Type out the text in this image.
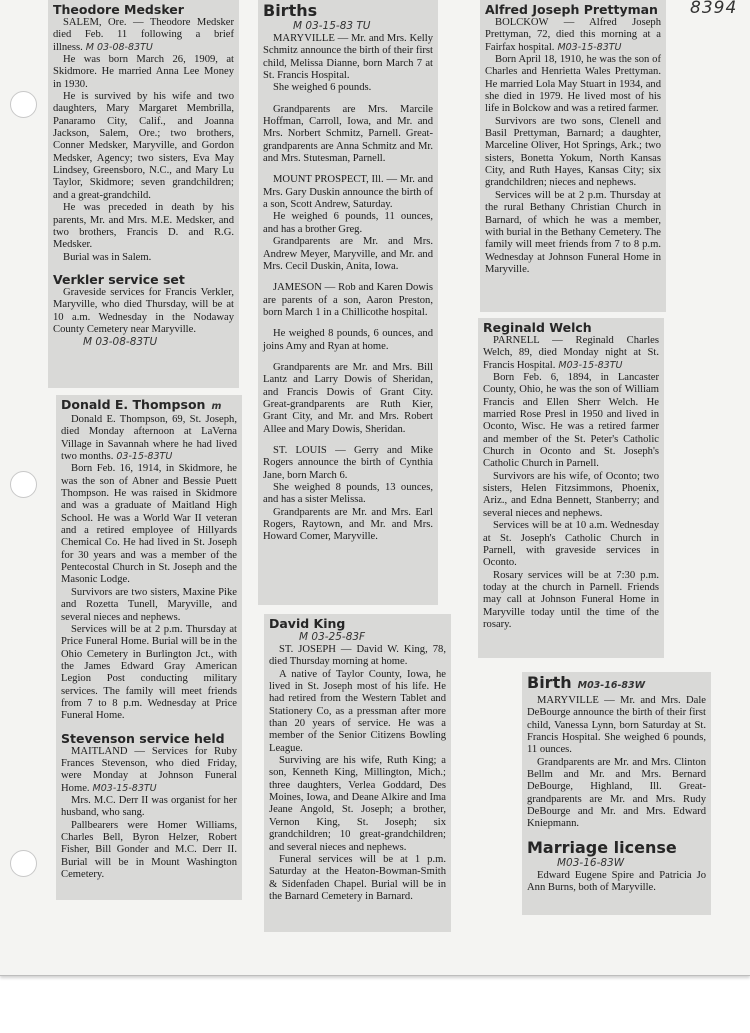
8394
Theodore Medsker

SALEM, Ore. — Theodore Medsker died Feb. 11 following a brief illness. M 03-08-83TU

He was born March 26, 1909, at Skidmore. He married Anna Lee Money in 1930.

He is survived by his wife and two daughters, Mary Margaret Membrilla, Panaramo City, Calif., and Joanna Jackson, Salem, Ore.; two brothers, Conner Medsker, Maryville, and Gordon Medsker, Agency; two sisters, Eva May Lindsey, Greensboro, N.C., and Mary Lu Taylor, Skidmore; seven grandchildren; and a great-grandchild.

He was preceded in death by his parents, Mr. and Mrs. M.E. Medsker, and two brothers, Francis D. and R.G. Medsker.

Burial was in Salem.

Verkler service set

Graveside services for Francis Verkler, Maryville, who died Thursday, will be at 10 a.m. Wednesday in the Nodaway County Cemetery near Maryville.

M 03-08-83TU
Donald E. Thompson m

Donald E. Thompson, 69, St. Joseph, died Monday afternoon at LaVerna Village in Savannah where he had lived two months. 03-15-83TU

Born Feb. 16, 1914, in Skidmore, he was the son of Abner and Bessie Puett Thompson. He was raised in Skidmore and was a graduate of Maitland High School. He was a World War II veteran and a retired employee of Hillyards Chemical Co. He had lived in St. Joseph for 30 years and was a member of the Pentecostal Church in St. Joseph and the Masonic Lodge.

Survivors are two sisters, Maxine Pike and Rozetta Tunell, Maryville, and several nieces and nephews.

Services will be at 2 p.m. Thursday at Price Funeral Home. Burial will be in the Ohio Cemetery in Burlington Jct., with the James Edward Gray American Legion Post conducting military services. The family will meet friends from 7 to 8 p.m. Wednesday at Price Funeral Home.

Stevenson service held

MAITLAND — Services for Ruby Frances Stevenson, who died Friday, were Monday at Johnson Funeral Home. M03-15-83TU

Mrs. M.C. Derr II was organist for her husband, who sang.

Pallbearers were Homer Williams, Charles Bell, Byron Helzer, Robert Fisher, Bill Gonder and M.C. Derr II. Burial will be in Mount Washington Cemetery.

Births
M 03-15-83 TU

MARYVILLE — Mr. and Mrs. Kelly Schmitz announce the birth of their first child, Melissa Dianne, born March 7 at St. Francis Hospital.

She weighed 6 pounds.

Grandparents are Mrs. Marcile Hoffman, Carroll, Iowa, and Mr. and Mrs. Norbert Schmitz, Parnell. Great-grandparents are Anna Schmitz and Mr. and Mrs. Stutesman, Parnell.

MOUNT PROSPECT, Ill. — Mr. and Mrs. Gary Duskin announce the birth of a son, Scott Andrew, Saturday.

He weighed 6 pounds, 11 ounces, and has a brother Greg.

Grandparents are Mr. and Mrs. Andrew Meyer, Maryville, and Mr. and Mrs. Cecil Duskin, Anita, Iowa.

JAMESON — Rob and Karen Dowis are parents of a son, Aaron Preston, born March 1 in a Chillicothe hospital.

He weighed 8 pounds, 6 ounces, and joins Amy and Ryan at home.

Grandparents are Mr. and Mrs. Bill Lantz and Larry Dowis of Sheridan, and Francis Dowis of Grant City. Great-grandparents are Ruth Kier, Grant City, and Mr. and Mrs. Robert Allee and Mary Dowis, Sheridan.

ST. LOUIS — Gerry and Mike Rogers announce the birth of Cynthia Jane, born March 6.

She weighed 8 pounds, 13 ounces, and has a sister Melissa.

Grandparents are Mr. and Mrs. Earl Rogers, Raytown, and Mr. and Mrs. Howard Comer, Maryville.

David King
M 03-25-83F

ST. JOSEPH — David W. King, 78, died Thursday morning at home.

A native of Taylor County, Iowa, he lived in St. Joseph most of his life. He had retired from the Western Tablet and Stationery Co, as a pressman after more than 20 years of service. He was a member of the Senior Citizens Bowling League.

Surviving are his wife, Ruth King; a son, Kenneth King, Millington, Mich.; three daughters, Verlea Goddard, Des Moines, Iowa, and Deane Alkire and Ima Jeane Angold, St. Joseph; a brother, Vernon King, St. Joseph; six grandchildren; 10 great-grandchildren; and several nieces and nephews.

Funeral services will be at 1 p.m. Saturday at the Heaton-Bowman-Smith & Sidenfaden Chapel. Burial will be in the Barnard Cemetery in Barnard.

Alfred Joseph Prettyman

BOLCKOW — Alfred Joseph Prettyman, 72, died this morning at a Fairfax hospital. M03-15-83TU

Born April 18, 1910, he was the son of Charles and Henrietta Wales Prettyman. He married Lola May Stuart in 1934, and she died in 1979. He lived most of his life in Bolckow and was a retired farmer.

Survivors are two sons, Clenell and Basil Prettyman, Barnard; a daughter, Marceline Oliver, Hot Springs, Ark.; two sisters, Bonetta Yokum, North Kansas City, and Ruth Hayes, Kansas City; six grandchildren; nieces and nephews.

Services will be at 2 p.m. Thursday at the rural Bethany Christian Church in Barnard, of which he was a member, with burial in the Bethany Cemetery. The family will meet friends from 7 to 8 p.m. Wednesday at Johnson Funeral Home in Maryville.

Reginald Welch

PARNELL — Reginald Charles Welch, 89, died Monday night at St. Francis Hospital. M03-15-83TU

Born Feb. 6, 1894, in Lancaster County, Ohio, he was the son of William Francis and Ellen Sherr Welch. He married Rose Presl in 1950 and lived in Oconto, Wisc. He was a retired farmer and member of the St. Peter's Catholic Church in Oconto and St. Joseph's Catholic Church in Parnell.

Survivors are his wife, of Oconto; two sisters, Helen Fitzsimmons, Phoenix, Ariz., and Edna Bennett, Stanberry; and several nieces and nephews.

Services will be at 10 a.m. Wednesday at St. Joseph's Catholic Church in Parnell, with graveside services in Oconto.

Rosary services will be at 7:30 p.m. today at the church in Parnell. Friends may call at Johnson Funeral Home in Maryville today until the time of the rosary.

Birth M03-16-83W

MARYVILLE — Mr. and Mrs. Dale DeBourge announce the birth of their first child, Vanessa Lynn, born Saturday at St. Francis Hospital. She weighed 6 pounds, 11 ounces.

Grandparents are Mr. and Mrs. Clinton Bellm and Mr. and Mrs. Bernard DeBourge, Highland, Ill. Great-grandparents are Mr. and Mrs. Rudy DeBourge and Mr. and Mrs. Edward Kniepmann.

Marriage license
M03-16-83W

Edward Eugene Spire and Patricia Jo Ann Burns, both of Maryville.
